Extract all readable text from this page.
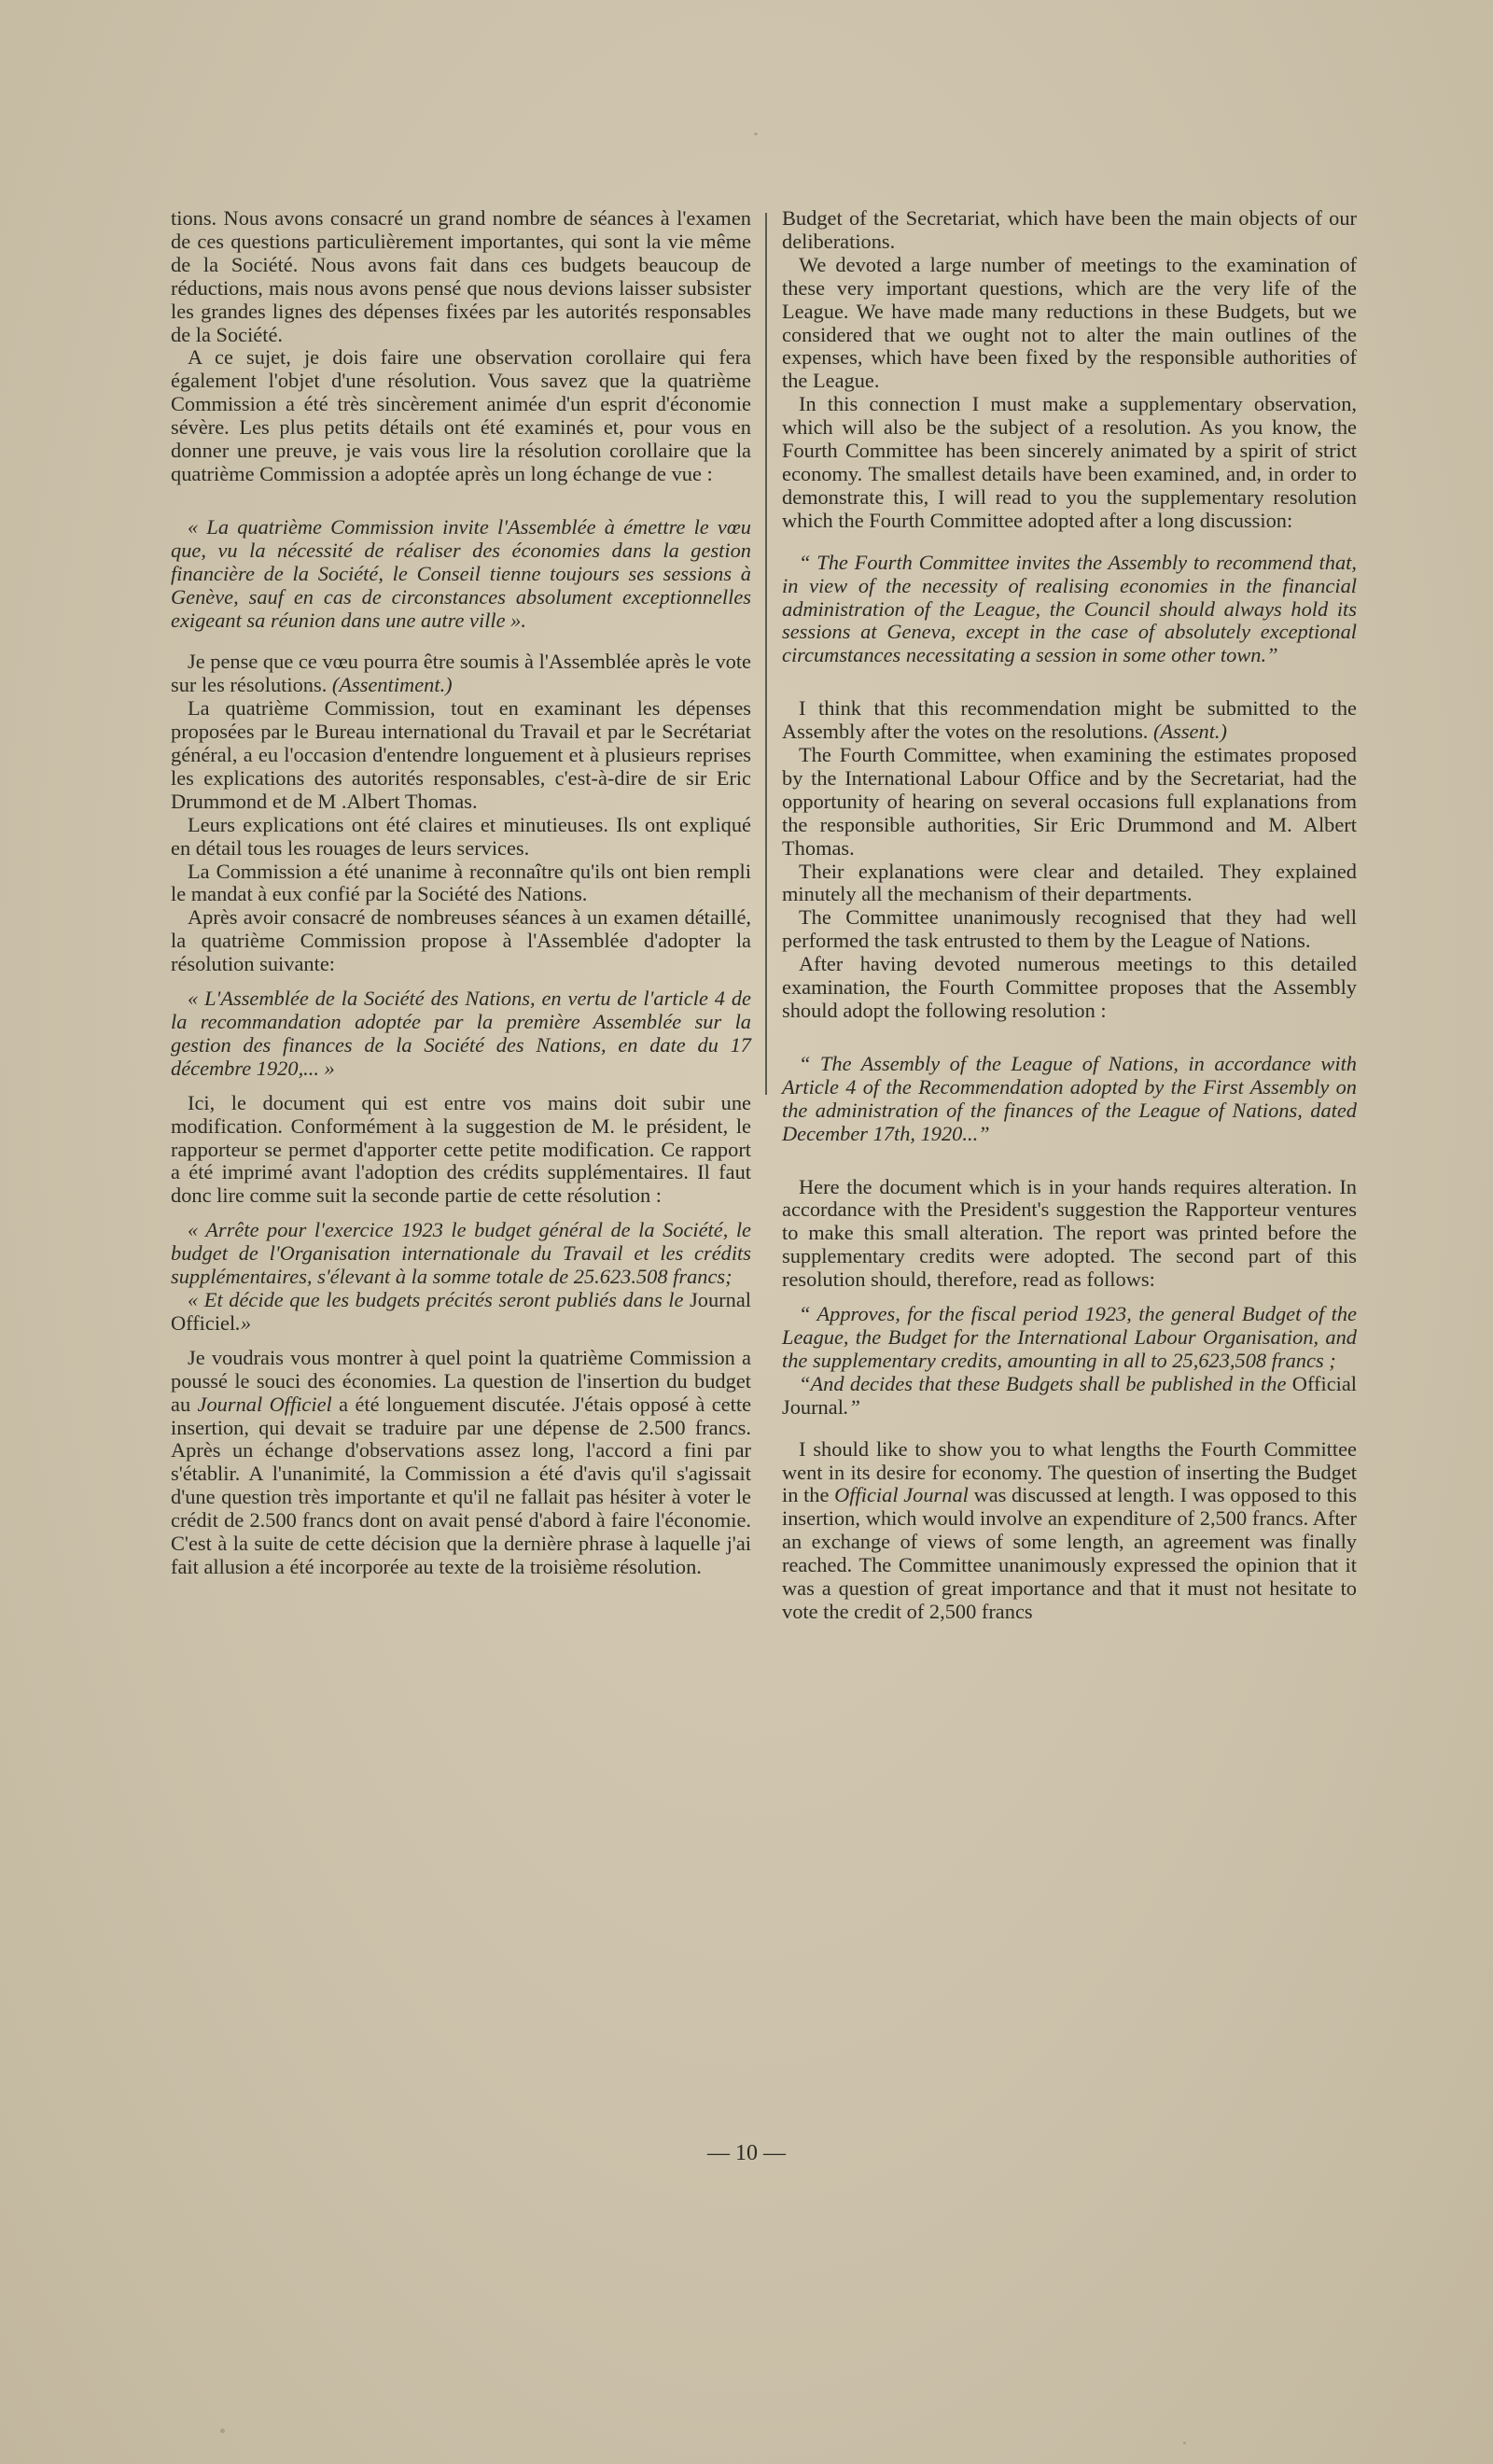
tions. Nous avons consacré un grand nombre de séances à l'examen de ces questions particulièrement importantes, qui sont la vie même de la Société. Nous avons fait dans ces budgets beaucoup de réductions, mais nous avons pensé que nous devions laisser subsister les grandes lignes des dépenses fixées par les autorités responsables de la Société.

A ce sujet, je dois faire une observation corollaire qui fera également l'objet d'une résolution. Vous savez que la quatrième Commission a été très sincèrement animée d'un esprit d'économie sévère. Les plus petits détails ont été examinés et, pour vous en donner une preuve, je vais vous lire la résolution corollaire que la quatrième Commission a adoptée après un long échange de vue :

« La quatrième Commission invite l'Assemblée à émettre le vœu que, vu la nécessité de réaliser des économies dans la gestion financière de la Société, le Conseil tienne toujours ses sessions à Genève, sauf en cas de circonstances absolument exceptionnelles exigeant sa réunion dans une autre ville ».

Je pense que ce vœu pourra être soumis à l'Assemblée après le vote sur les résolutions. (Assentiment.)

La quatrième Commission, tout en examinant les dépenses proposées par le Bureau international du Travail et par le Secrétariat général, a eu l'occasion d'entendre longuement et à plusieurs reprises les explications des autorités responsables, c'est-à-dire de sir Eric Drummond et de M .Albert Thomas.

Leurs explications ont été claires et minutieuses. Ils ont expliqué en détail tous les rouages de leurs services.

La Commission a été unanime à reconnaître qu'ils ont bien rempli le mandat à eux confié par la Société des Nations.

Après avoir consacré de nombreuses séances à un examen détaillé, la quatrième Commission propose à l'Assemblée d'adopter la résolution suivante:

« L'Assemblée de la Société des Nations, en vertu de l'article 4 de la recommandation adoptée par la première Assemblée sur la gestion des finances de la Société des Nations, en date du 17 décembre 1920,... »

Ici, le document qui est entre vos mains doit subir une modification. Conformément à la suggestion de M. le président, le rapporteur se permet d'apporter cette petite modification. Ce rapport a été imprimé avant l'adoption des crédits supplémentaires. Il faut donc lire comme suit la seconde partie de cette résolution :

« Arrête pour l'exercice 1923 le budget général de la Société, le budget de l'Organisation internationale du Travail et les crédits supplémentaires, s'élevant à la somme totale de 25.623.508 francs;

« Et décide que les budgets précités seront publiés dans le Journal Officiel.»

Je voudrais vous montrer à quel point la quatrième Commission a poussé le souci des économies. La question de l'insertion du budget au Journal Officiel a été longuement discutée. J'étais opposé à cette insertion, qui devait se traduire par une dépense de 2.500 francs. Après un échange d'observations assez long, l'accord a fini par s'établir. A l'unanimité, la Commission a été d'avis qu'il s'agissait d'une question très importante et qu'il ne fallait pas hésiter à voter le crédit de 2.500 francs dont on avait pensé d'abord à faire l'économie. C'est à la suite de cette décision que la dernière phrase à laquelle j'ai fait allusion a été incorporée au texte de la troisième résolution.

Budget of the Secretariat, which have been the main objects of our deliberations.

We devoted a large number of meetings to the examination of these very important questions, which are the very life of the League. We have made many reductions in these Budgets, but we considered that we ought not to alter the main outlines of the expenses, which have been fixed by the responsible authorities of the League.

In this connection I must make a supplementary observation, which will also be the subject of a resolution. As you know, the Fourth Committee has been sincerely animated by a spirit of strict economy. The smallest details have been examined, and, in order to demonstrate this, I will read to you the supplementary resolution which the Fourth Committee adopted after a long discussion:

“ The Fourth Committee invites the Assembly to recommend that, in view of the necessity of realising economies in the financial administration of the League, the Council should always hold its sessions at Geneva, except in the case of absolutely exceptional circumstances necessitating a session in some other town.”

I think that this recommendation might be submitted to the Assembly after the votes on the resolutions. (Assent.)

The Fourth Committee, when examining the estimates proposed by the International Labour Office and by the Secretariat, had the opportunity of hearing on several occasions full explanations from the responsible authorities, Sir Eric Drummond and M. Albert Thomas.

Their explanations were clear and detailed. They explained minutely all the mechanism of their departments.

The Committee unanimously recognised that they had well performed the task entrusted to them by the League of Nations.

After having devoted numerous meetings to this detailed examination, the Fourth Committee proposes that the Assembly should adopt the following resolution :

“ The Assembly of the League of Nations, in accordance with Article 4 of the Recommendation adopted by the First Assembly on the administration of the finances of the League of Nations, dated December 17th, 1920...”

Here the document which is in your hands requires alteration. In accordance with the President's suggestion the Rapporteur ventures to make this small alteration. The report was printed before the supplementary credits were adopted. The second part of this resolution should, therefore, read as follows:

“ Approves, for the fiscal period 1923, the general Budget of the League, the Budget for the International Labour Organisation, and the supplementary credits, amounting in all to 25,623,508 francs ;

“And decides that these Budgets shall be published in the Official Journal.”

I should like to show you to what lengths the Fourth Committee went in its desire for economy. The question of inserting the Budget in the Official Journal was discussed at length. I was opposed to this insertion, which would involve an expenditure of 2,500 francs. After an exchange of views of some length, an agreement was finally reached. The Committee unanimously expressed the opinion that it was a question of great importance and that it must not hesitate to vote the credit of 2,500 francs

— 10 —
